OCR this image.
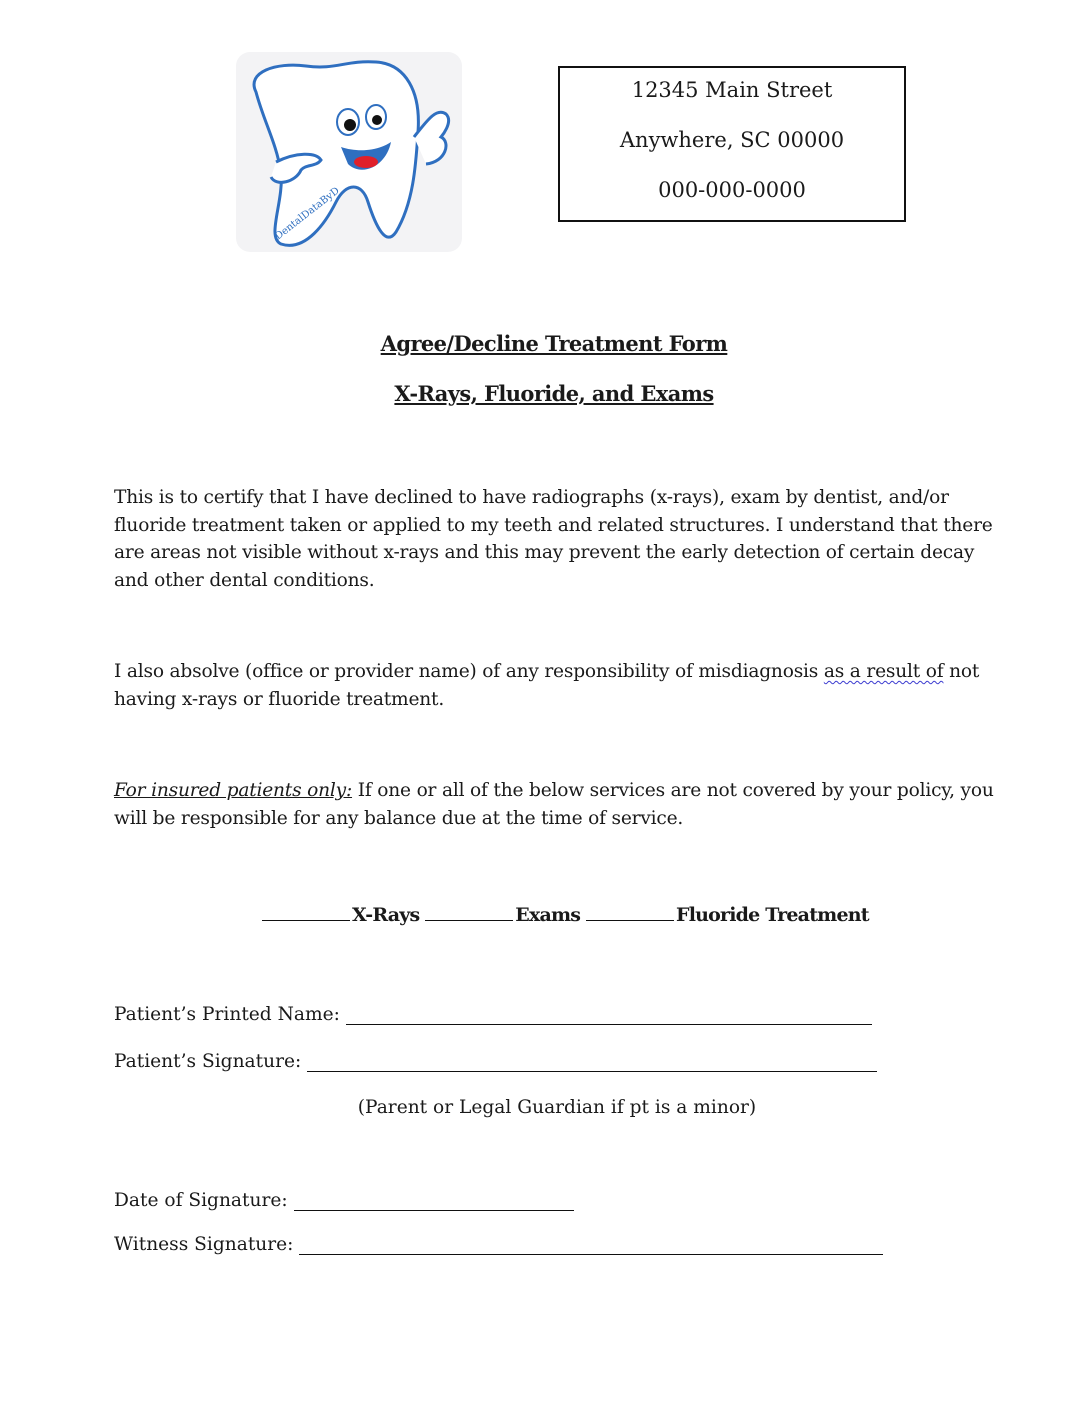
DentalDataByD
12345 Main Street
Anywhere, SC 00000
000-000-0000
Agree/Decline Treatment Form
X-Rays, Fluoride, and Exams
This is to certify that I have declined to have radiographs (x-rays), exam by dentist, and/or fluoride treatment taken or applied to my teeth and related structures. I understand that there are areas not visible without x-rays and this may prevent the early detection of certain decay and other dental conditions.
I also absolve (office or provider name) of any responsibility of misdiagnosis as a result of not having x-rays or fluoride treatment.
For insured patients only: If one or all of the below services are not covered by your policy, you will be responsible for any balance due at the time of service.
X-Rays	Exams	Fluoride Treatment
Patient’s Printed Name:
Patient’s Signature:
(Parent or Legal Guardian if pt is a minor)
Date of Signature:
Witness Signature:
